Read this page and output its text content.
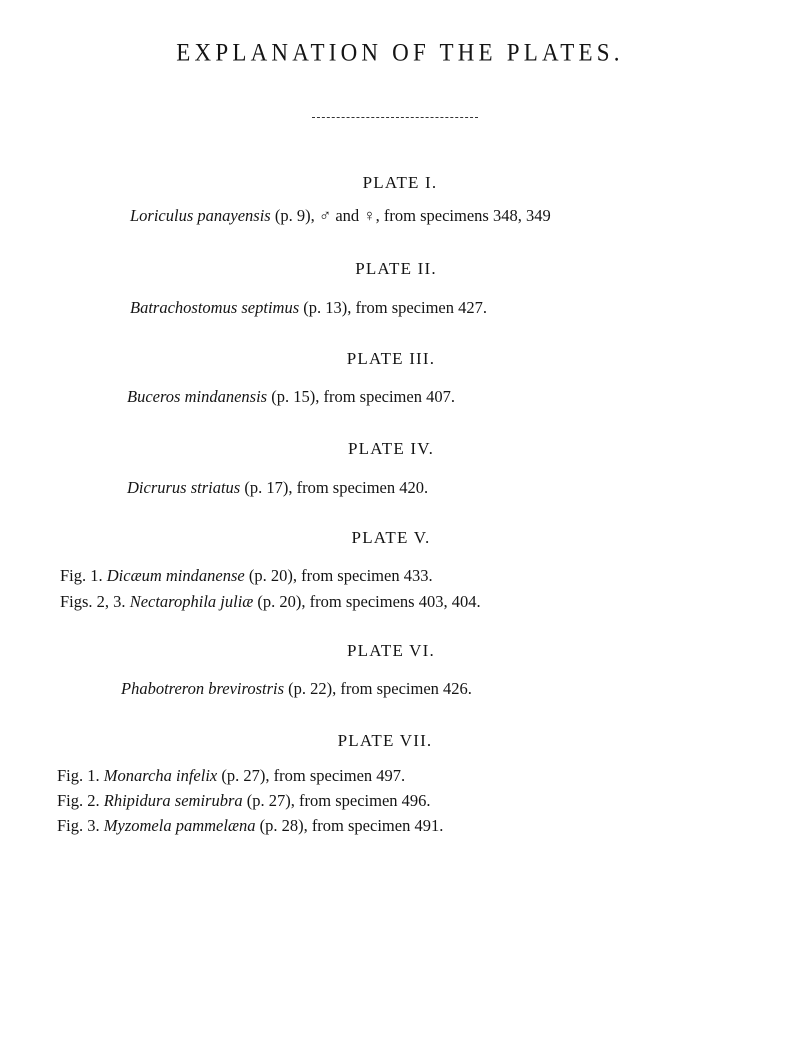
EXPLANATION OF THE PLATES.
PLATE I.
Loriculus panayensis (p. 9), ♂ and ♀, from specimens 348, 349
PLATE II.
Batrachostomus septimus (p. 13), from specimen 427.
PLATE III.
Buceros mindanensis (p. 15), from specimen 407.
PLATE IV.
Dicrurus striatus (p. 17), from specimen 420.
PLATE V.
Fig. 1. Dicæum mindanense (p. 20), from specimen 433.
Figs. 2, 3. Nectarophila juliæ (p. 20), from specimens 403, 404.
PLATE VI.
Phabotreron brevirostris (p. 22), from specimen 426.
PLATE VII.
Fig. 1. Monarcha infelix (p. 27), from specimen 497.
Fig. 2. Rhipidura semirubra (p. 27), from specimen 496.
Fig. 3. Myzomela pammelæna (p. 28), from specimen 491.
